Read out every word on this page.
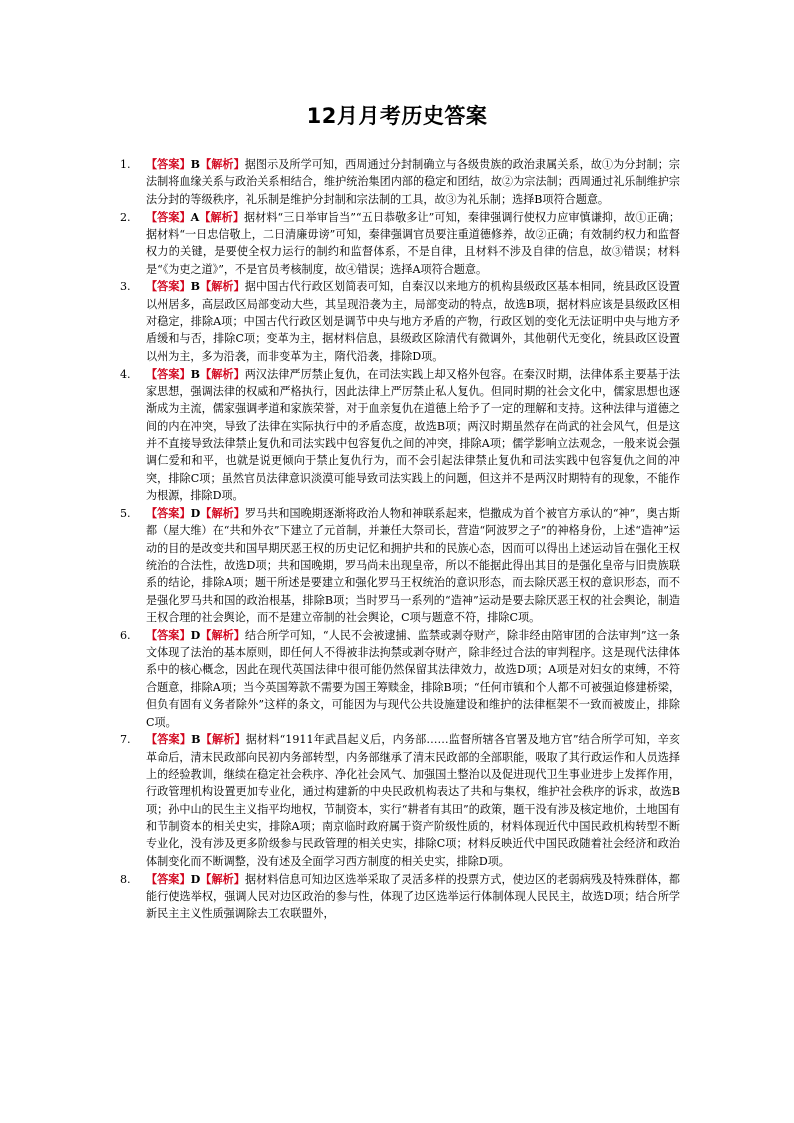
12月月考历史答案
1. 【答案】B【解析】据图示及所学可知，西周通过分封制确立与各级贵族的政治隶属关系，故①为分封制；宗法制将血缘关系与政治关系相结合，维护统治集团内部的稳定和团结，故②为宗法制；西周通过礼乐制维护宗法分封的等级秩序，礼乐制是维护分封制和宗法制的工具，故③为礼乐制；选择B项符合题意。
2. 【答案】A【解析】据材料“三日举审旨当”“五日恭敬多让”可知，秦律强调行使权力应审慎谦抑，故①正确；据材料“一日忠信敬上，二日清廉毋谤”可知，秦律强调官员要注重道德修养，故②正确；有效制约权力和监督权力的关键，是要使全权力运行的制约和监督体系，不是自律，且材料不涉及自律的信息，故③错误；材料是“《为吏之道》”，不是官员考核制度，故④错误；选择A项符合题意。
3. 【答案】B【解析】据中国古代行政区划简表可知，自秦汉以来地方的机构县级政区基本相同，统县政区设置以州居多，高层政区局部变动大些，其呈现沿袭为主，局部变动的特点，故选B项，据材料应该是县级政区相对稳定，排除A项；中国古代行政区划是调节中央与地方矛盾的产物，行政区划的变化无法证明中央与地方矛盾缓和与否，排除C项；变革为主，据材料信息，县级政区除清代有微调外，其他朝代无变化，统县政区设置以州为主，多为沿袭，而非变革为主，隋代沿袭，排除D项。
4. 【答案】B【解析】两汉法律严厉禁止复仇，在司法实践上却又格外包容。在秦汉时期，法律体系主要基于法家思想，强调法律的权威和严格执行，因此法律上严厉禁止私人复仇。但同时期的社会文化中，儒家思想也逐渐成为主流，儒家强调孝道和家族荣誉，对于血亲复仇在道德上给予了一定的理解和支持。这种法律与道德之间的内在冲突，导致了法律在实际执行中的矛盾态度，故选B项；两汉时期虽然存在尚武的社会风气，但是这并不直接导致法律禁止复仇和司法实践中包容复仇之间的冲突，排除A项；儒学影响立法观念，一般来说会强调仁爱和和平，也就是说更倾向于禁止复仇行为，而不会引起法律禁止复仇和司法实践中包容复仇之间的冲突，排除C项；虽然官员法律意识淡漠可能导致司法实践上的问题，但这并不是两汉时期特有的现象，不能作为根源，排除D项。
5. 【答案】D【解析】罗马共和国晚期逐渐将政治人物和神联系起来，恺撒成为首个被官方承认的“神”，奥古斯都（屋大维）在“共和外衣”下建立了元首制，并兼任大祭司长，营造“阿波罗之子”的神格身份，上述“造神”运动的目的是改变共和国早期厌恶王权的历史记忆和拥护共和的民族心态，因而可以得出上述运动旨在强化王权统治的合法性，故选D项；共和国晚期，罗马尚未出现皇帝，所以不能据此得出其目的是强化皇帝与旧贵族联系的结论，排除A项；题干所述是要建立和强化罗马王权统治的意识形态，而去除厌恶王权的意识形态，而不是强化罗马共和国的政治根基，排除B项；当时罗马一系列的“造神”运动是要去除厌恶王权的社会舆论，制造王权合理的社会舆论，而不是建立帝制的社会舆论，C项与题意不符，排除C项。
6. 【答案】D【解析】结合所学可知，“人民不会被逮捕、监禁或剥夺财产，除非经由陪审团的合法审判”这一条文体现了法治的基本原则，即任何人不得被非法拘禁或剥夺财产，除非经过合法的审判程序。这是现代法律体系中的核心概念，因此在现代英国法律中很可能仍然保留其法律效力，故选D项；A项是对妇女的束缚，不符合题意，排除A项；当今英国筹款不需要为国王筹赎金，排除B项；“任何市镇和个人都不可被强迫修建桥梁，但负有固有义务者除外”这样的条文，可能因为与现代公共设施建设和维护的法律框架不一致而被废止，排除C项。
7. 【答案】B【解析】据材料“1911年武昌起义后，内务部……监督所辖各官署及地方官”结合所学可知，辛亥革命后，清末民政部向民初内务部转型，内务部继承了清末民政部的全部职能，吸取了其行政运作和人员选择上的经验教训，继续在稳定社会秩序、净化社会风气、加强国土整治以及促进现代卫生事业进步上发挥作用，行政管理机构设置更加专业化，通过构建新的中央民政机构表达了共和与集权，维护社会秩序的诉求，故选B项；孙中山的民生主义指平均地权，节制资本，实行“耕者有其田”的政策，题干没有涉及核定地价，土地国有和节制资本的相关史实，排除A项；南京临时政府属于资产阶级性质的，材料体现近代中国民政机构转型不断专业化，没有涉及更多阶级参与民政管理的相关史实，排除C项；材料反映近代中国民政随着社会经济和政治体制变化而不断调整，没有述及全面学习西方制度的相关史实，排除D项。
8. 【答案】D【解析】据材料信息可知边区选举采取了灵活多样的投票方式，使边区的老弱病残及特殊群体，都能行使选举权，强调人民对边区政治的参与性，体现了边区选举运行体制体现人民民主，故选D项；结合所学新民主主义性质强调除去工农联盟外，
